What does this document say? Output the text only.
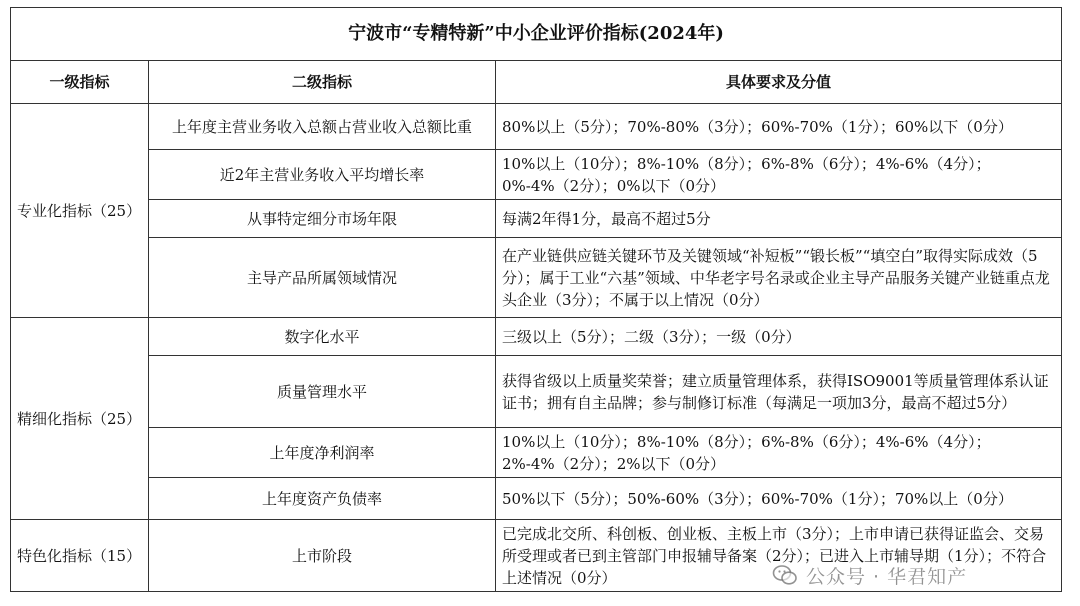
宁波市“专精特新”中小企业评价指标(2024年)		
一级指标	二级指标	具体要求及分值
专业化指标（25）	上年度主营业务收入总额占营业收入总额比重	80%以上（5分）；70%-80%（3分）；60%-70%（1分）；60%以下（0分）
	近2年主营业务收入平均增长率	10%以上（10分）；8%-10%（8分）；6%-8%（6分）；4%-6%（4分）；0%-4%（2分）；0%以下（0分）
	从事特定细分市场年限	每满2年得1分，最高不超过5分
	主导产品所属领域情况	在产业链供应链关键环节及关键领域“补短板”“锻长板”“填空白”取得实际成效（5分）；属于工业“六基”领域、中华老字号名录或企业主导产品服务关键产业链重点龙头企业（3分）；不属于以上情况（0分）
精细化指标（25）	数字化水平	三级以上（5分）；二级（3分）；一级（0分）
	质量管理水平	获得省级以上质量奖荣誉；建立质量管理体系，获得ISO9001等质量管理体系认证证书；拥有自主品牌；参与制修订标准（每满足一项加3分，最高不超过5分）
	上年度净利润率	10%以上（10分）；8%-10%（8分）；6%-8%（6分）；4%-6%（4分）；2%-4%（2分）；2%以下（0分）
	上年度资产负债率	50%以下（5分）；50%-60%（3分）；60%-70%（1分）；70%以上（0分）
特色化指标（15）	上市阶段	已完成北交所、科创板、创业板、主板上市（3分）；上市申请已获得证监会、交易所受理或者已到主管部门申报辅导备案（2分）；已进入上市辅导期（1分）；不符合上述情况（0分）	公众号 · 华君知产
